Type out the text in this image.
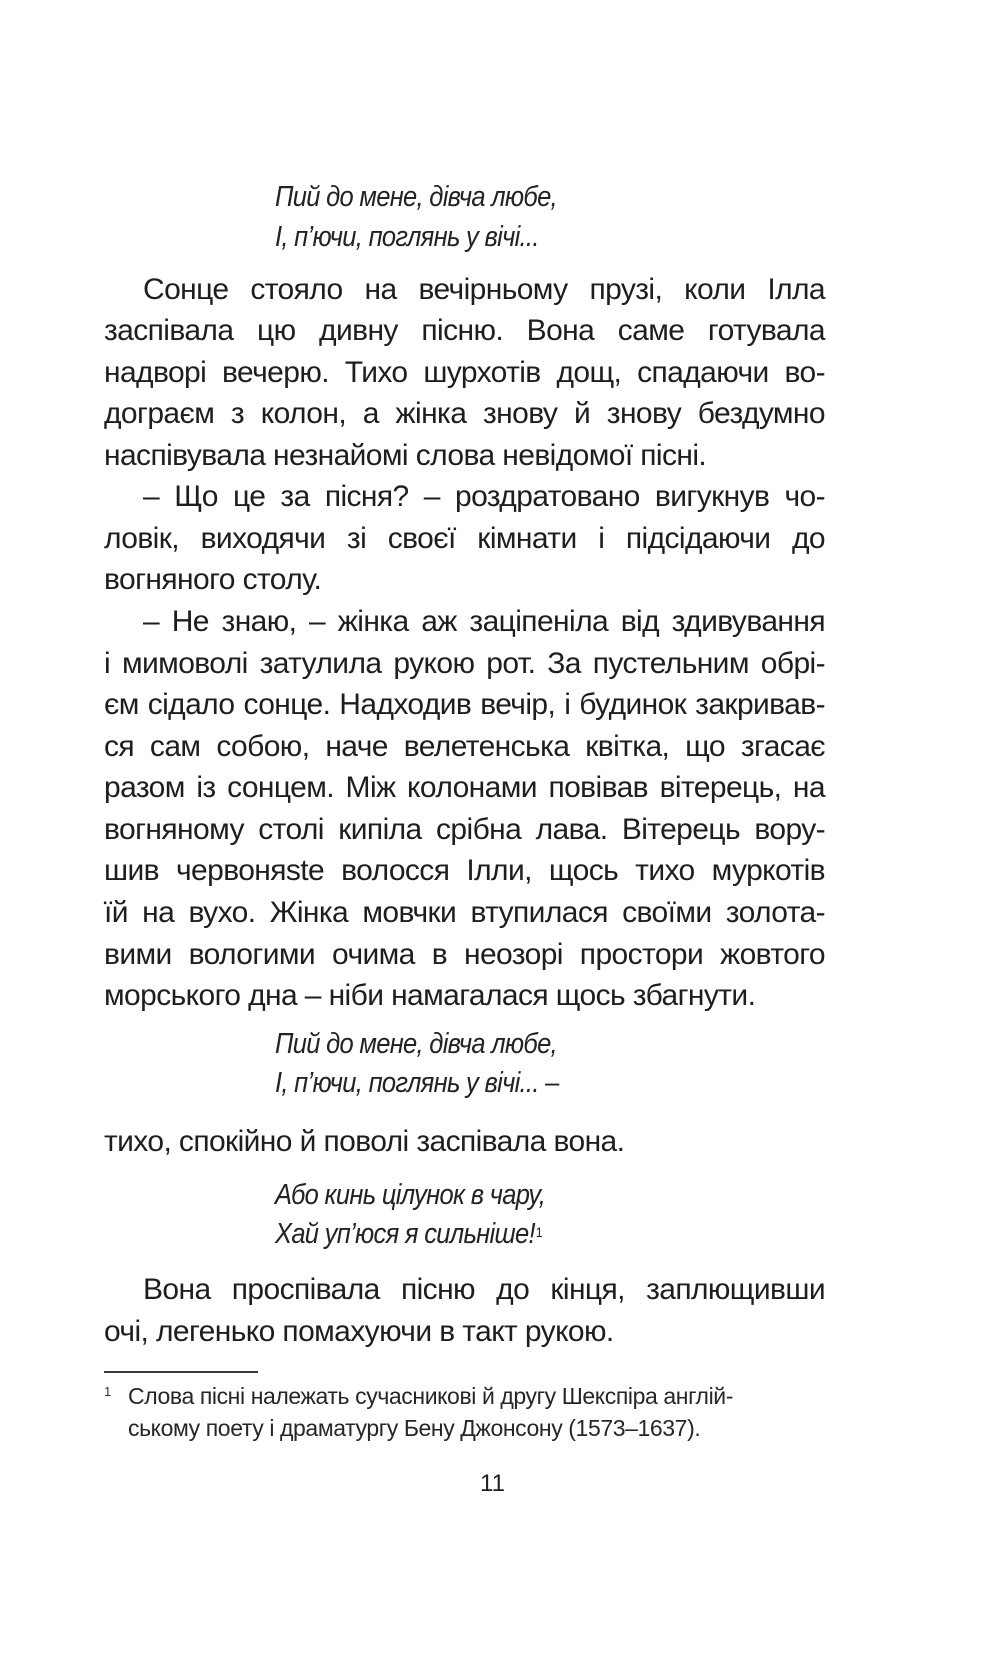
Пий до мене, дівча любе,
І, п’ючи, поглянь у вічі...
Сонце стояло на вечірньому прузі, коли Ілла
заспівала цю дивну пісню. Вона саме готувала
надворі вечерю. Тихо шурхотів дощ, спадаючи во-
дограєм з колон, а жінка знову й знову бездумно
наспівувала незнайомі слова невідомої пісні.
– Що це за пісня? – роздратовано вигукнув чо-
ловік, виходячи зі своєї кімнати і підсідаючи до
вогняного столу.
– Не знаю, – жінка аж заціпеніла від здивування
і мимоволі затулила рукою рот. За пустельним обрі-
єм сідало сонце. Надходив вечір, і будинок закривав-
ся сам собою, наче велетенська квітка, що згасає
разом із сонцем. Між колонами повівав вітерець, на
вогняному столі кипіла срібна лава. Вітерець вору-
шив червоняste волосся Ілли, щось тихо муркотів
їй на вухо. Жінка мовчки втупилася своїми золота-
вими вологими очима в неозорі простори жовтого
морського дна – ніби намагалася щось збагнути.
Пий до мене, дівча любе,
І, п’ючи, поглянь у вічі... –
тихо, спокійно й поволі заспівала вона.
Або кинь цілунок в чару,
Хай уп’юся я сильніше!$^1$
Вона проспівала пісню до кінця, заплющивши
очі, легенько помахуючи в такт рукою.
1 Слова пісні належать сучасникові й другу Шекспіра англій-
ському поету і драматургу Бену Джонсону (1573–1637).
11
